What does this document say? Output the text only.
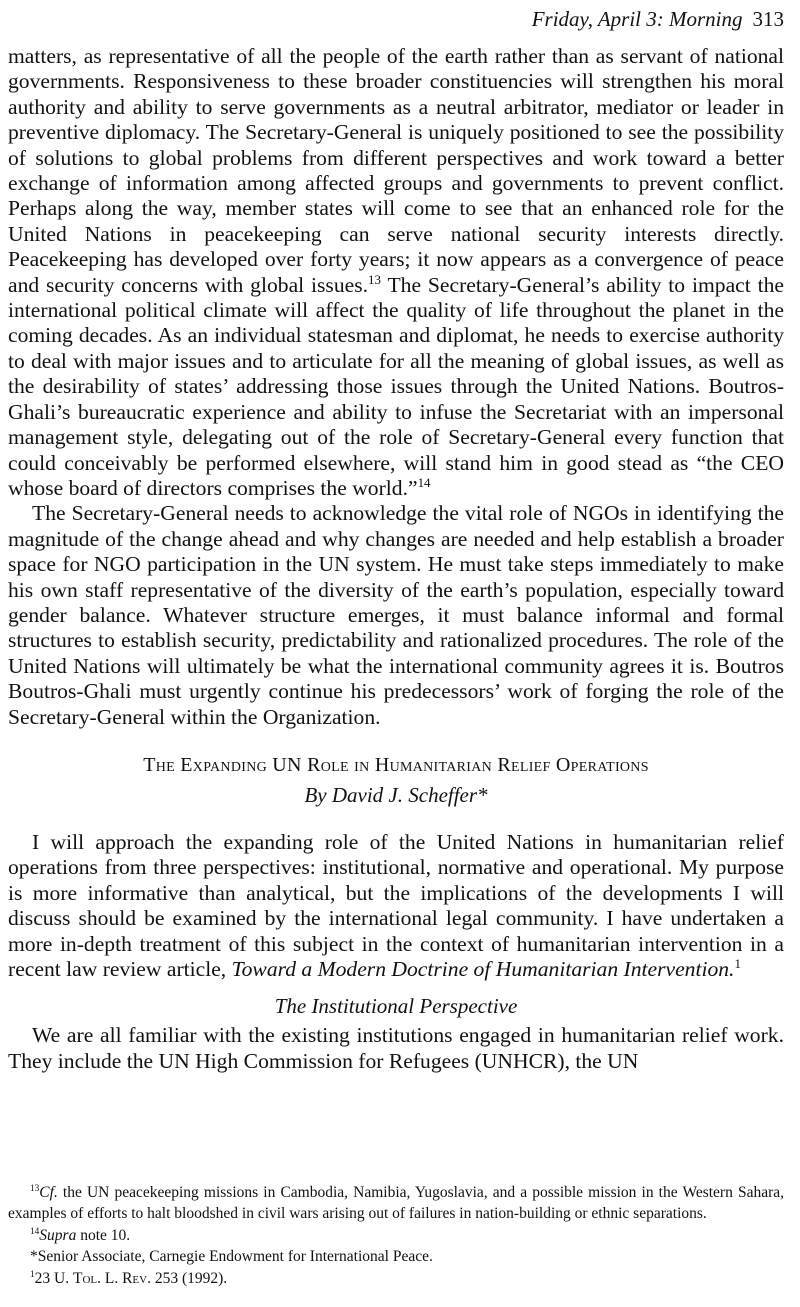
Friday, April 3: Morning 313

matters, as representative of all the people of the earth rather than as servant of national governments. Responsiveness to these broader constituencies will strengthen his moral authority and ability to serve governments as a neutral arbitrator, mediator or leader in preventive diplomacy. The Secretary-General is uniquely positioned to see the possibility of solutions to global problems from different perspectives and work toward a better exchange of information among affected groups and governments to prevent conflict. Perhaps along the way, member states will come to see that an enhanced role for the United Nations in peacekeeping can serve national security interests directly. Peacekeeping has developed over forty years; it now appears as a convergence of peace and security concerns with global issues.$^{13}$ The Secretary-General’s ability to impact the international political climate will affect the quality of life throughout the planet in the coming decades. As an individual statesman and diplomat, he needs to exercise authority to deal with major issues and to articulate for all the meaning of global issues, as well as the desirability of states’ addressing those issues through the United Nations. Boutros-Ghali’s bureaucratic experience and ability to infuse the Secretariat with an impersonal management style, delegating out of the role of Secretary-General every function that could conceivably be performed elsewhere, will stand him in good stead as “the CEO whose board of directors comprises the world.”$^{14}$

The Secretary-General needs to acknowledge the vital role of NGOs in identifying the magnitude of the change ahead and why changes are needed and help establish a broader space for NGO participation in the UN system. He must take steps immediately to make his own staff representative of the diversity of the earth’s population, especially toward gender balance. Whatever structure emerges, it must balance informal and formal structures to establish security, predictability and rationalized procedures. The role of the United Nations will ultimately be what the international community agrees it is. Boutros Boutros-Ghali must urgently continue his predecessors’ work of forging the role of the Secretary-General within the Organization.

The Expanding UN Role in Humanitarian Relief Operations

By David J. Scheffer*

I will approach the expanding role of the United Nations in humanitarian relief operations from three perspectives: institutional, normative and operational. My purpose is more informative than analytical, but the implications of the developments I will discuss should be examined by the international legal community. I have undertaken a more in-depth treatment of this subject in the context of humanitarian intervention in a recent law review article, Toward a Modern Doctrine of Humanitarian Intervention.$^1$

The Institutional Perspective

We are all familiar with the existing institutions engaged in humanitarian relief work. They include the UN High Commission for Refugees (UNHCR), the UN

$^{13}$Cf. the UN peacekeeping missions in Cambodia, Namibia, Yugoslavia, and a possible mission in the Western Sahara, examples of efforts to halt bloodshed in civil wars arising out of failures in nation-building or ethnic separations.

$^{14}$Supra note 10.

*Senior Associate, Carnegie Endowment for International Peace.

$^1$23 U. Tol. L. Rev. 253 (1992).
